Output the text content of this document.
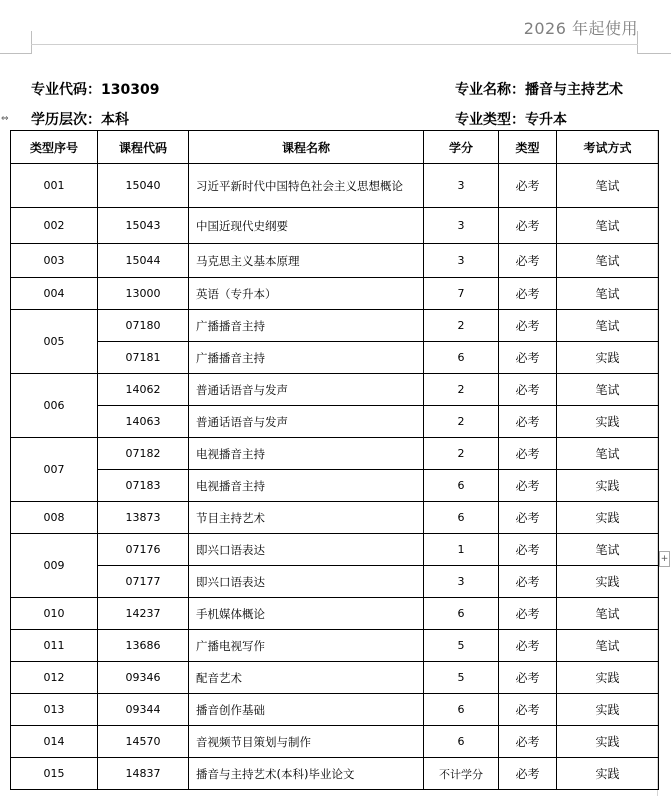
2026 年起使用
专业代码：130309	专业名称：播音与主持艺术
学历层次：本科	专业类型：专升本
⇔
+
类型序号	课程代码	课程名称	学分	类型	考试方式
001	15040	习近平新时代中国特色社会主义思想概论	3	必考	笔试
002	15043	中国近现代史纲要	3	必考	笔试
003	15044	马克思主义基本原理	3	必考	笔试
004	13000	英语（专升本）	7	必考	笔试
005	07180	广播播音主持	2	必考	笔试
	07181	广播播音主持	6	必考	实践
006	14062	普通话语音与发声	2	必考	笔试
	14063	普通话语音与发声	2	必考	实践
007	07182	电视播音主持	2	必考	笔试
	07183	电视播音主持	6	必考	实践
008	13873	节目主持艺术	6	必考	实践
009	07176	即兴口语表达	1	必考	笔试
	07177	即兴口语表达	3	必考	实践
010	14237	手机媒体概论	6	必考	笔试
011	13686	广播电视写作	5	必考	笔试
012	09346	配音艺术	5	必考	实践
013	09344	播音创作基础	6	必考	实践
014	14570	音视频节目策划与制作	6	必考	实践
015	14837	播音与主持艺术(本科)毕业论文	不计学分	必考	实践
